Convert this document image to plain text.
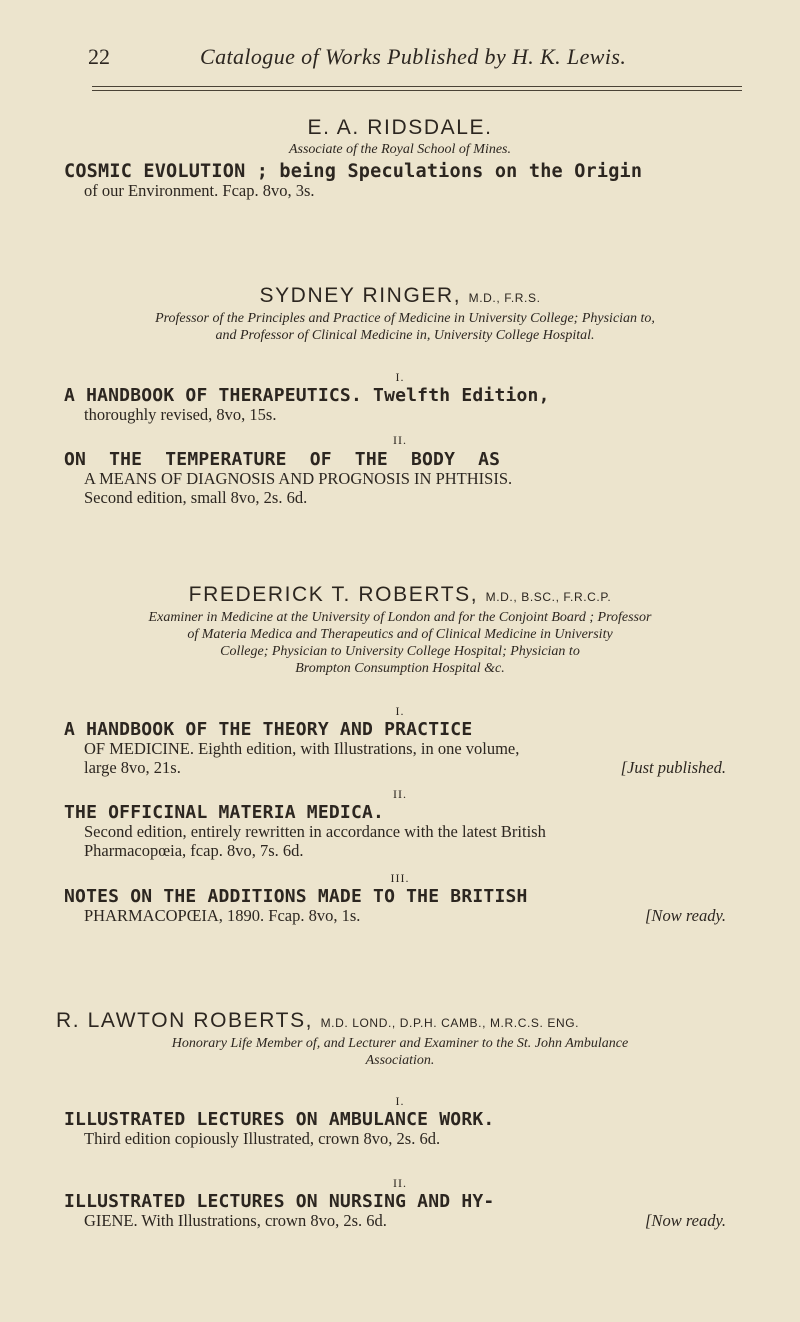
22	Catalogue of Works Published by H. K. Lewis.
E. A. RIDSDALE.
Associate of the Royal School of Mines.
COSMIC EVOLUTION ; being Speculations on the Origin
of our Environment. Fcap. 8vo, 3s.
SYDNEY RINGER, M.D., F.R.S.
Professor of the Principles and Practice of Medicine in University College; Physician to,
and Professor of Clinical Medicine in, University College Hospital.
I.
A HANDBOOK OF THERAPEUTICS. Twelfth Edition,
thoroughly revised, 8vo, 15s.
II.
ON THE TEMPERATURE OF THE BODY AS
A MEANS OF DIAGNOSIS AND PROGNOSIS IN PHTHISIS.
Second edition, small 8vo, 2s. 6d.
FREDERICK T. ROBERTS, M.D., B.SC., F.R.C.P.
Examiner in Medicine at the University of London and for the Conjoint Board ; Professor
of Materia Medica and Therapeutics and of Clinical Medicine in University
College; Physician to University College Hospital; Physician to
Brompton Consumption Hospital &c.
I.
A HANDBOOK OF THE THEORY AND PRACTICE
OF MEDICINE. Eighth edition, with Illustrations, in one volume,
large 8vo, 21s.	[Just published.
II.
THE OFFICINAL MATERIA MEDICA.
Second edition, entirely rewritten in accordance with the latest British
Pharmacopœia, fcap. 8vo, 7s. 6d.
III.
NOTES ON THE ADDITIONS MADE TO THE BRITISH
PHARMACOPŒIA, 1890. Fcap. 8vo, 1s.	[Now ready.
R. LAWTON ROBERTS, M.D. LOND., D.P.H. CAMB., M.R.C.S. ENG.
Honorary Life Member of, and Lecturer and Examiner to the St. John Ambulance
Association.
I.
ILLUSTRATED LECTURES ON AMBULANCE WORK.
Third edition copiously Illustrated, crown 8vo, 2s. 6d.
II.
ILLUSTRATED LECTURES ON NURSING AND HY-
GIENE. With Illustrations, crown 8vo, 2s. 6d.	[Now ready.
